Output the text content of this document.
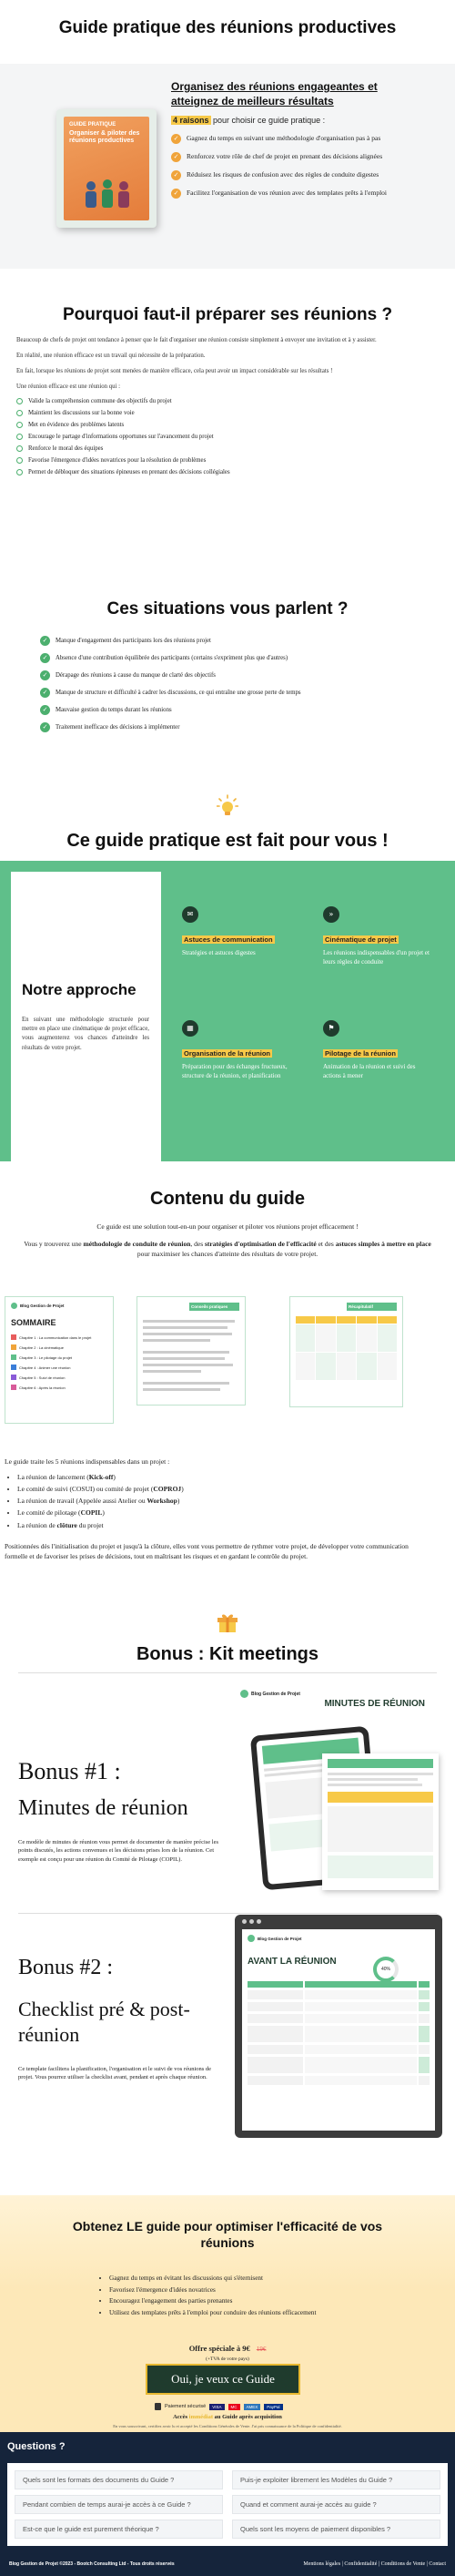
Guide pratique des réunions productives
GUIDE PRATIQUE
Organiser & piloter des réunions productives
Organisez des réunions engageantes et atteignez de meilleurs résultats
4 raisons pour choisir ce guide pratique :
✓	Gagnez du temps en suivant une méthodologie d'organisation pas à pas
✓	Renforcez votre rôle de chef de projet en prenant des décisions alignées
✓	Réduisez les risques de confusion avec des règles de conduite digestes
✓	Facilitez l'organisation de vos réunion avec des templates prêts à l'emploi
Pourquoi faut-il préparer ses réunions ?

Beaucoup de chefs de projet ont tendance à penser que le fait d'organiser une réunion consiste simplement à envoyer une invitation et à y assister.

En réalité, une réunion efficace est un travail qui nécessite de la préparation.

En fait, lorsque les réunions de projet sont menées de manière efficace, cela peut avoir un impact considérable sur les résultats !

Une réunion efficace est une réunion qui :

Valide la compréhension commune des objectifs du projet
Maintient les discussions sur la bonne voie
Met en évidence des problèmes latents
Encourage le partage d'informations opportunes sur l'avancement du projet
Renforce le moral des équipes
Favorise l'émergence d'idées novatrices pour la résolution de problèmes
Permet de débloquer des situations épineuses en prenant des décisions collégiales
Ces situations vous parlent ?
✓	Manque d'engagement des participants lors des réunions projet
✓	Absence d'une contribution équilibrée des participants (certains s'expriment plus que d'autres)
✓	Dérapage des réunions à cause du manque de clarté des objectifs
✓	Manque de structure et difficulté à cadrer les discussions, ce qui entraîne une grosse perte de temps
✓	Mauvaise gestion du temps durant les réunions
✓	Traitement inefficace des décisions à implémenter
Ce guide pratique est fait pour vous !
Notre approche
En suivant une méthodologie structurée pour mettre en place une cinématique de projet efficace, vous augmenterez vos chances d'atteindre les résultats de votre projet.
✉
Astuces de communication
Stratégies et astuces digestes
»
Cinématique de projet
Les réunions indispensables d'un projet et leurs règles de conduite
▦
Organisation de la réunion
Préparation pour des échanges fructueux, structure de la réunion, et planification
⚑
Pilotage de la réunion
Animation de la réunion et suivi des actions à mener
Contenu du guide
Ce guide est une solution tout-en-un pour organiser et piloter vos réunions projet efficacement !
Vous y trouverez une méthodologie de conduite de réunion, des stratégies d'optimisation de l'efficacité et des astuces simples à mettre en place pour maximiser les chances d'atteinte des résultats de votre projet.
Blog Gestion de Projet
SOMMAIRE
Chapitre 1 : La communication dans le projet
Chapitre 2 : La cinématique
Chapitre 3 : Le pilotage du projet
Chapitre 4 : Animer une réunion
Chapitre 5 : Suivi de réunion
Chapitre 6 : Après la réunion
Conseils pratiques	Récapitulatif
Le guide traite les 5 réunions indispensables dans un projet :
• La réunion de lancement (Kick-off)
• Le comité de suivi (COSUI) ou comité de projet (COPROJ)
• La réunion de travail (Appelée aussi Atelier ou Workshop)
• Le comité de pilotage (COPIL)
• La réunion de clôture du projet
Positionnées dès l'initialisation du projet et jusqu'à la clôture, elles vont vous permettre de rythmer votre projet, de développer votre communication formelle et de favoriser les prises de décisions, tout en maîtrisant les risques et en gardant le contrôle du projet.
Bonus : Kit meetings
Bonus #1 :
Minutes de réunion
Ce modèle de minutes de réunion vous permet de documenter de manière précise les points discutés, les actions convenues et les décisions prises lors de la réunion. Cet exemple est conçu pour une réunion du Comité de Pilotage (COPIL).
Blog Gestion de Projet
MINUTES DE RÉUNION
Bonus #2 :
Checklist pré & post-réunion
Ce template facilitera la planification, l'organisation et le suivi de vos réunions de projet. Vous pourrez utiliser la checklist avant, pendant et après chaque réunion.
Blog Gestion de Projet
AVANT LA RÉUNION
40%
Obtenez LE guide pour optimiser l'efficacité de vos réunions
• Gagnez du temps en évitant les discussions qui s'éternisent
• Favorisez l'émergence d'idées novatrices
• Encouragez l'engagement des parties prenantes
• Utilisez des templates prêts à l'emploi pour conduire des réunions efficacement
Offre spéciale à 9€ 19€
(+TVA de votre pays)
Oui, je veux ce Guide
Paiement sécurisé	VISA	MC	AMEX	PayPal
Accès immédiat au Guide après acquisition
En vous souscrivant, certifiez avoir lu et accepté les Conditions Générales de Vente. J'ai pris connaissance de la Politique de confidentialité.
Questions ?
Quels sont les formats des documents du Guide ?	Puis-je exploiter librement les Modèles du Guide ?
Pendant combien de temps aurai-je accès à ce Guide ?	Quand et comment aurai-je accès au guide ?
Est-ce que le guide est purement théorique ?	Quels sont les moyens de paiement disponibles ?
Blog Gestion de Projet ©2023 - Bootch Consulting Ltd - Tous droits réservés	Mentions légales | Confidentialité | Conditions de Vente | Contact
